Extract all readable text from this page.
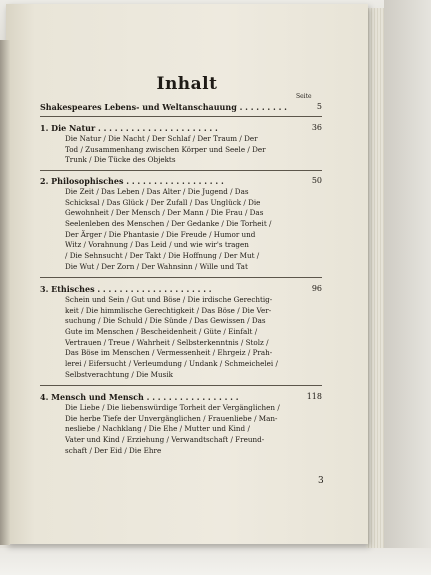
Inhalt
Seite
Shakespeares Lebens- und Weltanschauung . . . . . . . . .	5
1. Die Natur . . . . . . . . . . . . . . . . . . . . . .	36
Die Natur / Die Nacht / Der Schlaf / Der Traum / Der
Tod / Zusammenhang zwischen Körper und Seele / Der
Trunk / Die Tücke des Objekts
2. Philosophisches . . . . . . . . . . . . . . . . . .	50
Die Zeit / Das Leben / Das Alter / Die Jugend / Das
Schicksal / Das Glück / Der Zufall / Das Unglück / Die
Gewohnheit / Der Mensch / Der Mann / Die Frau / Das
Seelenleben des Menschen / Der Gedanke / Die Torheit /
Der Ärger / Die Phantasie / Die Freude / Humor und
Witz / Vorahnung / Das Leid / und wie wir's tragen
/ Die Sehnsucht / Der Takt / Die Hoffnung / Der Mut /
Die Wut / Der Zorn / Der Wahnsinn / Wille und Tat
3. Ethisches . . . . . . . . . . . . . . . . . . . . .	96
Schein und Sein / Gut und Böse / Die irdische Gerechtig-
keit / Die himmlische Gerechtigkeit / Das Böse / Die Ver-
suchung / Die Schuld / Die Sünde / Das Gewissen / Das
Gute im Menschen / Bescheidenheit / Güte / Einfalt /
Vertrauen / Treue / Wahrheit / Selbsterkenntnis / Stolz /
Das Böse im Menschen / Vermessenheit / Ehrgeiz / Prah-
lerei / Eifersucht / Verleumdung / Undank / Schmeichelei /
Selbstverachtung / Die Musik
4. Mensch und Mensch . . . . . . . . . . . . . . . . .	118
Die Liebe / Die liebenswürdige Torheit der Vergänglichen /
Die herbe Tiefe der Unvergänglichen / Frauenliebe / Man-
nesliebe / Nachklang / Die Ehe / Mutter und Kind /
Vater und Kind / Erziehung / Verwandtschaft / Freund-
schaft / Der Eid / Die Ehre
3
